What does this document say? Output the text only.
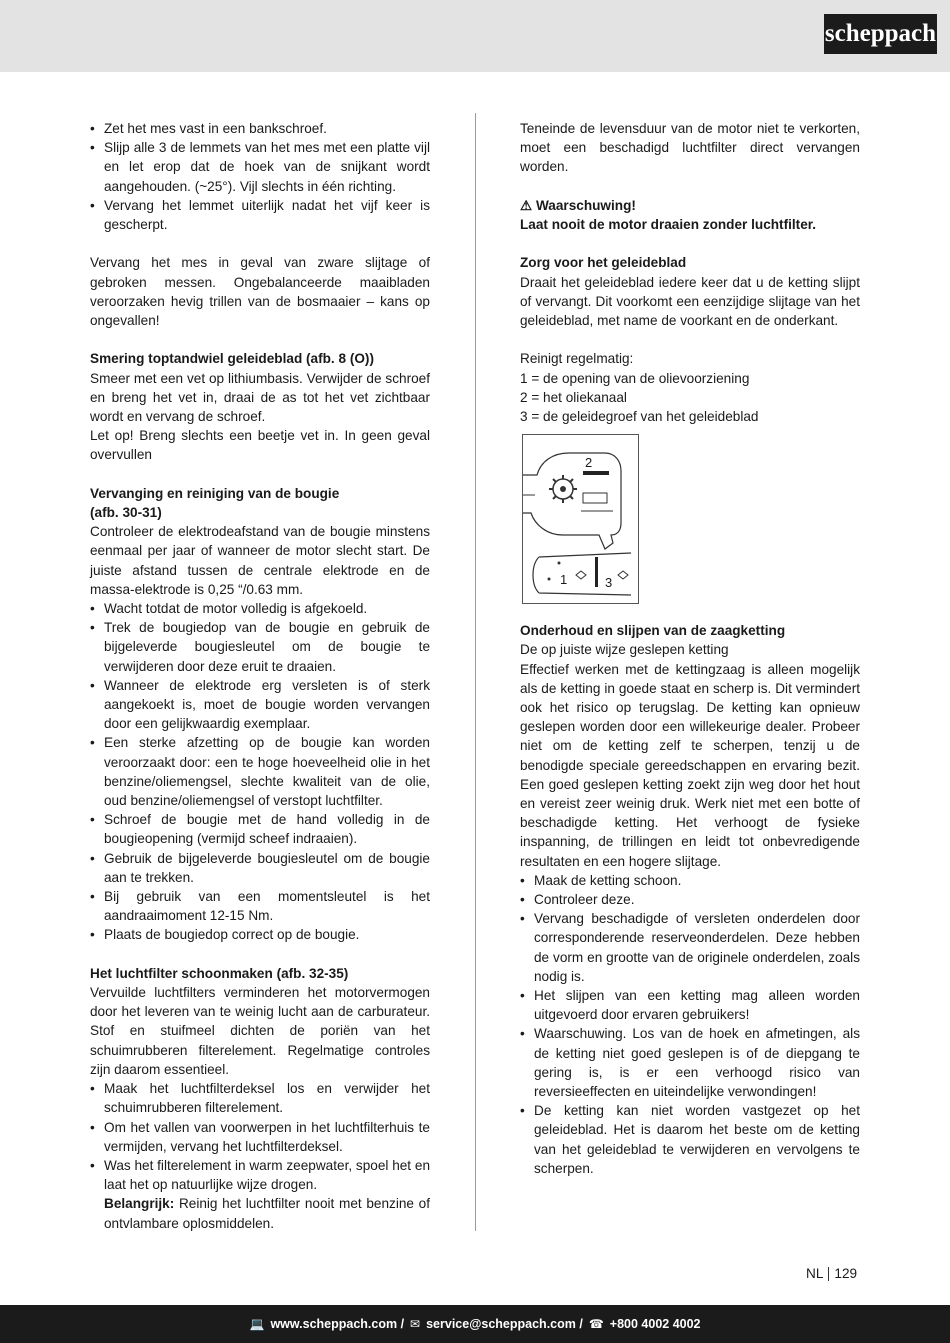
scheppach
• Zet het mes vast in een bankschroef.
• Slijp alle 3 de lemmets van het mes met een platte vijl en let erop dat de hoek van de snijkant wordt aangehouden. (~25°). Vijl slechts in één richting.
• Vervang het lemmet uiterlijk nadat het vijf keer is gescherpt.

Vervang het mes in geval van zware slijtage of gebroken messen. Ongebalanceerde maaibladen veroorzaken hevig trillen van de bosmaaier – kans op ongevallen!

Smering toptandwiel geleideblad (afb. 8 (O))

Smeer met een vet op lithiumbasis. Verwijder de schroef en breng het vet in, draai de as tot het vet zichtbaar wordt en vervang de schroef.

Let op! Breng slechts een beetje vet in. In geen geval overvullen

Vervanging en reiniging van de bougie

(afb. 30-31)

Controleer de elektrodeafstand van de bougie minstens eenmaal per jaar of wanneer de motor slecht start. De juiste afstand tussen de centrale elektrode en de massa-elektrode is 0,25 “/0.63 mm.

• Wacht totdat de motor volledig is afgekoeld.
• Trek de bougiedop van de bougie en gebruik de bijgeleverde bougiesleutel om de bougie te verwijderen door deze eruit te draaien.
• Wanneer de elektrode erg versleten is of sterk aangekoekt is, moet de bougie worden vervangen door een gelijkwaardig exemplaar.
• Een sterke afzetting op de bougie kan worden veroorzaakt door: een te hoge hoeveelheid olie in het benzine/oliemengsel, slechte kwaliteit van de olie, oud benzine/oliemengsel of verstopt luchtfilter.
• Schroef de bougie met de hand volledig in de bougieopening (vermijd scheef indraaien).
• Gebruik de bijgeleverde bougiesleutel om de bougie aan te trekken.
• Bij gebruik van een momentsleutel is het aandraaimoment 12-15 Nm.
• Plaats de bougiedop correct op de bougie.

Het luchtfilter schoonmaken (afb. 32-35)

Vervuilde luchtfilters verminderen het motorvermogen door het leveren van te weinig lucht aan de carburateur. Stof en stuifmeel dichten de poriën van het schuimrubberen filterelement. Regelmatige controles zijn daarom essentieel.

• Maak het luchtfilterdeksel los en verwijder het schuimrubberen filterelement.
• Om het vallen van voorwerpen in het luchtfilterhuis te vermijden, vervang het luchtfilterdeksel.
• Was het filterelement in warm zeepwater, spoel het en laat het op natuurlijke wijze drogen.

Belangrijk: Reinig het luchtfilter nooit met benzine of ontvlambare oplosmiddelen.

Teneinde de levensduur van de motor niet te verkorten, moet een beschadigd luchtfilter direct vervangen worden.

⚠ Waarschuwing!

Laat nooit de motor draaien zonder luchtfilter.

Zorg voor het geleideblad

Draait het geleideblad iedere keer dat u de ketting slijpt of vervangt. Dit voorkomt een eenzijdige slijtage van het geleideblad, met name de voorkant en de onderkant.

Reinigt regelmatig:

1 = de opening van de olievoorziening

2 = het oliekanaal

3 = de geleidegroef van het geleideblad

2
1	3

Onderhoud en slijpen van de zaagketting

De op juiste wijze geslepen ketting

Effectief werken met de kettingzaag is alleen mogelijk als de ketting in goede staat en scherp is. Dit vermindert ook het risico op terugslag. De ketting kan opnieuw geslepen worden door een willekeurige dealer. Probeer niet om de ketting zelf te scherpen, tenzij u de benodigde speciale gereedschappen en ervaring bezit. Een goed geslepen ketting zoekt zijn weg door het hout en vereist zeer weinig druk. Werk niet met een botte of beschadigde ketting. Het verhoogt de fysieke inspanning, de trillingen en leidt tot onbevredigende resultaten en een hogere slijtage.

• Maak de ketting schoon.
• Controleer deze.
• Vervang beschadigde of versleten onderdelen door corresponderende reserveonderdelen. Deze hebben de vorm en grootte van de originele onderdelen, zoals nodig is.
• Het slijpen van een ketting mag alleen worden uitgevoerd door ervaren gebruikers!
• Waarschuwing. Los van de hoek en afmetingen, als de ketting niet goed geslepen is of de diepgang te gering is, is er een verhoogd risico van reversieeffecten en uiteindelijke verwondingen!
• De ketting kan niet worden vastgezet op het geleideblad. Het is daarom het beste om de ketting van het geleideblad te verwijderen en vervolgens te scherpen.
NL 129
💻 www.scheppach.com / ✉ service@scheppach.com / ☎ +800 4002 4002
